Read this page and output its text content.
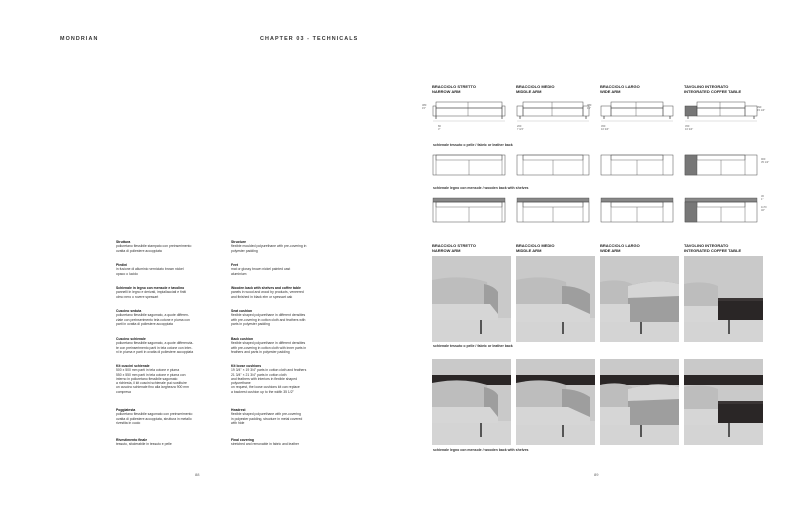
MONDRIAN	CHAPTER 03 - TECHNICALS
Struttura
poliuretano flessibile stampato con preinserimento
ovatta di poliestere accoppiata
Structure
flexible moulded polyurethane with pre-covering in
polyester padding
Piedini
in fusione di alluminio verniciato brown nickel
opaco o lucido
Feet
mat or glossy brown nickel painted cast
aluminium
Schienale in legno con mensole e tavolino
pannelli in legno e derivati, impiallacciati e finiti
olmo nero o rovere spessart
Wooden back with shelves and coffee table
panels in wood and wood by products, veneered
and finished in black elm or spessart oak
Cuscino seduta
poliuretano flessibile sagomato, a quote differen-
ziate con preinserimento tela cotone e piuma con
parti in ovatta di poliestere accoppiata
Seat cushion
flexible shaped polyurethane in different densities
with pre-covering in cotton cloth and feathers with
parts in polyester padding
Cuscino schienale
poliuretano flessibile sagomato, a quote differenzia-
te con preinserimento parti in tela cotone con inter-
ni in piuma e parti in ovatta di poliestere accoppiata
Back cushion
flexible shaped polyurethane in different densities
with pre-covering in cotton cloth with inner parts in
feathers and parts in polyester padding
Kit cuscini schienale
500 x 500 mm parti in tela cotone e piuma
550 x 550 mm parti in tela cotone e piuma con
interno in poliuretano flessibile sagomato
a richiesta, il kit cuscini schienale può sostituire
un cuscino schienale fino alla larghezza 900 mm
compresa
Kit loose cushions
19 3/4" × 19 3/4" parts in cotton cloth and feathers
21 3/4" × 21 3/4" parts in cotton cloth
and feathers with interiors in flexible shaped
polyurethane
on request, the loose cushions kit can replace
a backrest cushion up to the width 35 1/2"
Poggiatesta
poliuretano flessibile sagomato con preinserimento
ovatta di poliestere accoppiata, struttura in metallo
rivestita in cuoio
Headrest
flexible shaped polyurethane with pre-covering
in polyester padding, structure in metal covered
with hide
Rivestimento finale
tessuto, sfoderabile in tessuto e pelle
Final covering
stretched and removable in fabric and leather
BRACCIOLO STRETTO
NARROW ARM
BRACCIOLO MEDIO
MIDDLE ARM
BRACCIOLO LARGO
WIDE ARM
TAVOLINO INTEGRATO
INTEGRATED COFFEE TABLE
380
15"
380
15"
80
3"
200
7 3/4"
450
16 3/4"
450
16 3/4"
390
15 1/4"
900
35 1/2"
30
1"
1170
46"
schienale tessuto o pelle / fabric or leather back
schienale legno con mensole / wooden back with shelves
BRACCIOLO STRETTO
NARROW ARM
BRACCIOLO MEDIO
MIDDLE ARM
BRACCIOLO LARGO
WIDE ARM
TAVOLINO INTEGRATO
INTEGRATED COFFEE TABLE
schienale tessuto o pelle / fabric or leather back
schienale legno con mensole / wooden back with shelves
88	89
